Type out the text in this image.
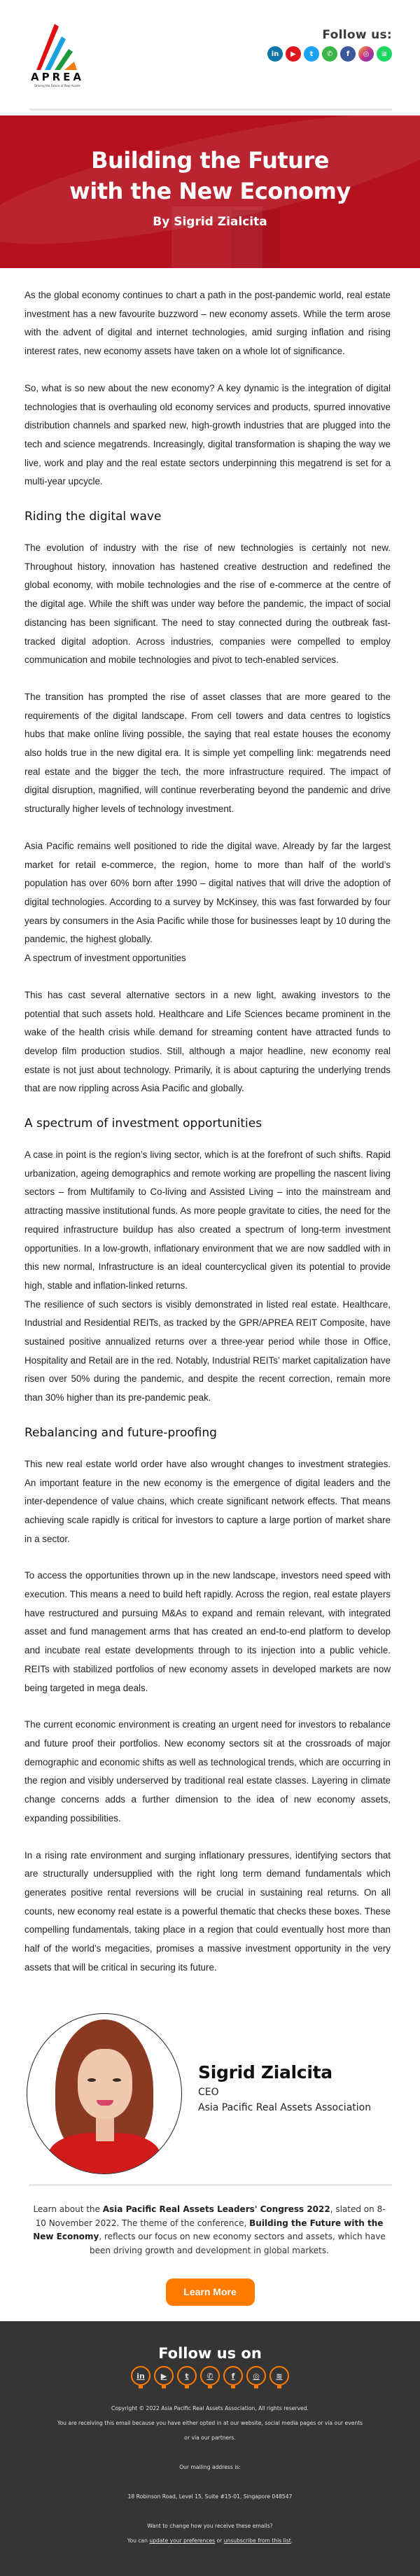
APREA
Driving the Future of Real Assets
Follow us:
in	▶	t	✆	f	◎	≋
Building the Future
with the New Economy
By Sigrid Zialcita

As the global economy continues to chart a path in the post-pandemic world, real estate investment has a new favourite buzzword – new economy assets. While the term arose with the advent of digital and internet technologies, amid surging inflation and rising interest rates, new economy assets have taken on a whole lot of significance.

So, what is so new about the new economy? A key dynamic is the integration of digital technologies that is overhauling old economy services and products, spurred innovative distribution channels and sparked new, high-growth industries that are plugged into the tech and science megatrends. Increasingly, digital transformation is shaping the way we live, work and play and the real estate sectors underpinning this megatrend is set for a multi-year upcycle.

Riding the digital wave

The evolution of industry with the rise of new technologies is certainly not new. Throughout history, innovation has hastened creative destruction and redefined the global economy, with mobile technologies and the rise of e-commerce at the centre of the digital age. While the shift was under way before the pandemic, the impact of social distancing has been significant. The need to stay connected during the outbreak fast-tracked digital adoption. Across industries, companies were compelled to employ communication and mobile technologies and pivot to tech-enabled services.

The transition has prompted the rise of asset classes that are more geared to the requirements of the digital landscape. From cell towers and data centres to logistics hubs that make online living possible, the saying that real estate houses the economy also holds true in the new digital era. It is simple yet compelling link: megatrends need real estate and the bigger the tech, the more infrastructure required. The impact of digital disruption, magnified, will continue reverberating beyond the pandemic and drive structurally higher levels of technology investment.

Asia Pacific remains well positioned to ride the digital wave. Already by far the largest market for retail e-commerce, the region, home to more than half of the world’s population has over 60% born after 1990 – digital natives that will drive the adoption of digital technologies. According to a survey by McKinsey, this was fast forwarded by four years by consumers in the Asia Pacific while those for businesses leapt by 10 during the pandemic, the highest globally.

A spectrum of investment opportunities

This has cast several alternative sectors in a new light, awaking investors to the potential that such assets hold. Healthcare and Life Sciences became prominent in the wake of the health crisis while demand for streaming content have attracted funds to develop film production studios. Still, although a major headline, new economy real estate is not just about technology. Primarily, it is about capturing the underlying trends that are now rippling across Asia Pacific and globally.

A spectrum of investment opportunities

A case in point is the region’s living sector, which is at the forefront of such shifts. Rapid urbanization, ageing demographics and remote working are propelling the nascent living sectors – from Multifamily to Co-living and Assisted Living – into the mainstream and attracting massive institutional funds. As more people gravitate to cities, the need for the required infrastructure buildup has also created a spectrum of long-term investment opportunities. In a low-growth, inflationary environment that we are now saddled with in this new normal, Infrastructure is an ideal countercyclical given its potential to provide high, stable and inflation-linked returns.

The resilience of such sectors is visibly demonstrated in listed real estate. Healthcare, Industrial and Residential REITs, as tracked by the GPR/APREA REIT Composite, have sustained positive annualized returns over a three-year period while those in Office, Hospitality and Retail are in the red. Notably, Industrial REITs’ market capitalization have risen over 50% during the pandemic, and despite the recent correction, remain more than 30% higher than its pre-pandemic peak.

Rebalancing and future-proofing

This new real estate world order have also wrought changes to investment strategies. An important feature in the new economy is the emergence of digital leaders and the inter-dependence of value chains, which create significant network effects. That means achieving scale rapidly is critical for investors to capture a large portion of market share in a sector.

To access the opportunities thrown up in the new landscape, investors need speed with execution. This means a need to build heft rapidly. Across the region, real estate players have restructured and pursuing M&As to expand and remain relevant, with integrated asset and fund management arms that has created an end-to-end platform to develop and incubate real estate developments through to its injection into a public vehicle. REITs with stabilized portfolios of new economy assets in developed markets are now being targeted in mega deals.

The current economic environment is creating an urgent need for investors to rebalance and future proof their portfolios. New economy sectors sit at the crossroads of major demographic and economic shifts as well as technological trends, which are occurring in the region and visibly underserved by traditional real estate classes. Layering in climate change concerns adds a further dimension to the idea of new economy assets, expanding possibilities.

In a rising rate environment and surging inflationary pressures, identifying sectors that are structurally undersupplied with the right long term demand fundamentals which generates positive rental reversions will be crucial in sustaining real returns. On all counts, new economy real estate is a powerful thematic that checks these boxes. These compelling fundamentals, taking place in a region that could eventually host more than half of the world’s megacities, promises a massive investment opportunity in the very assets that will be critical in securing its future.

Sigrid Zialcita
CEO
Asia Pacific Real Assets Association
Learn about the Asia Pacific Real Assets Leaders' Congress 2022, slated on 8-10 November 2022. The theme of the conference, Building the Future with the New Economy, reflects our focus on new economy sectors and assets, which have been driving growth and development in global markets.
Learn More
Follow us on
in	▶	t	✆	f	◎	≋

Copyright © 2022 Asia Pacific Real Assets Association, All rights reserved.

You are receiving this email because you have either opted in at our website, social media pages or via our events or via our partners.

Our mailing address is:

18 Robinson Road, Level 15, Suite #15-01, Singapore 048547

Want to change how you receive these emails?

You can update your preferences or unsubscribe from this list.
